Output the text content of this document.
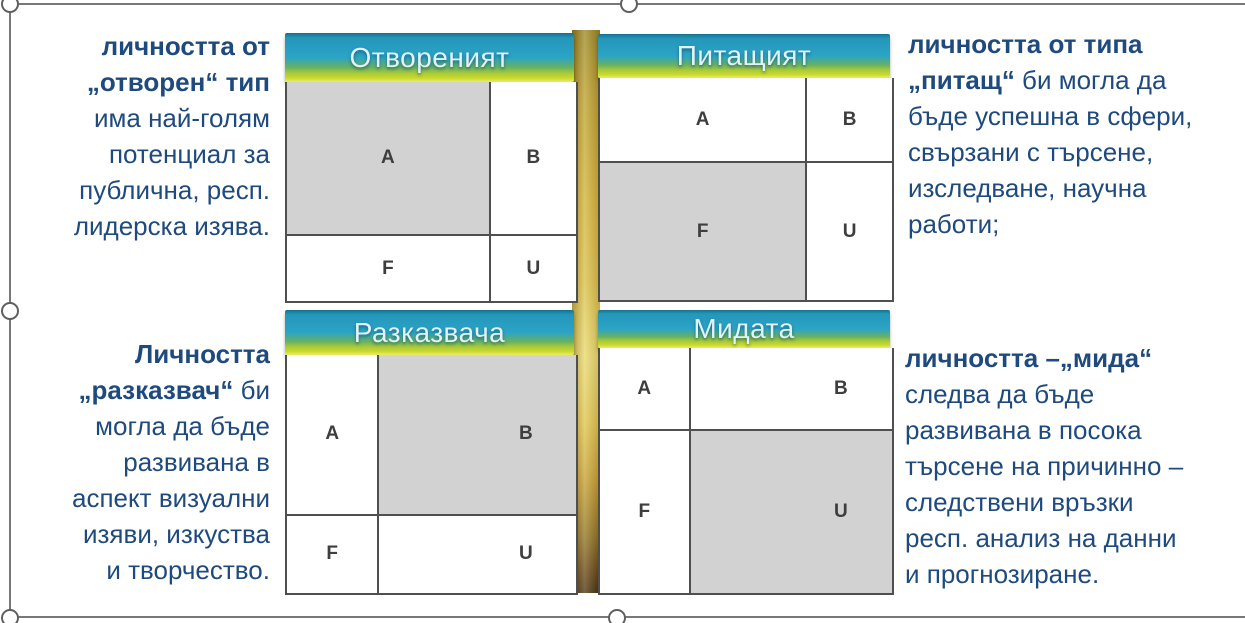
Отвореният
A	B
F	U
Питащият
A	B
F	U
Разказвача
A	B
F	U
Мидата
A	B
F	U
личността от
„отворен“ тип
има най-голям
потенциал за
публична, респ.
лидерска изява.
личността от типа
„питащ“ би могла да
бъде успешна в сфери,
свързани с търсене,
изследване, научна
работи;
Личността
„разказвач“ би
могла да бъде
развивана в
аспект визуални
изяви, изкуства
и творчество.
личността –„мида“
следва да бъде
развивана в посока
търсене на причинно –
следствени връзки
респ. анализ на данни
и прогнозиране.
